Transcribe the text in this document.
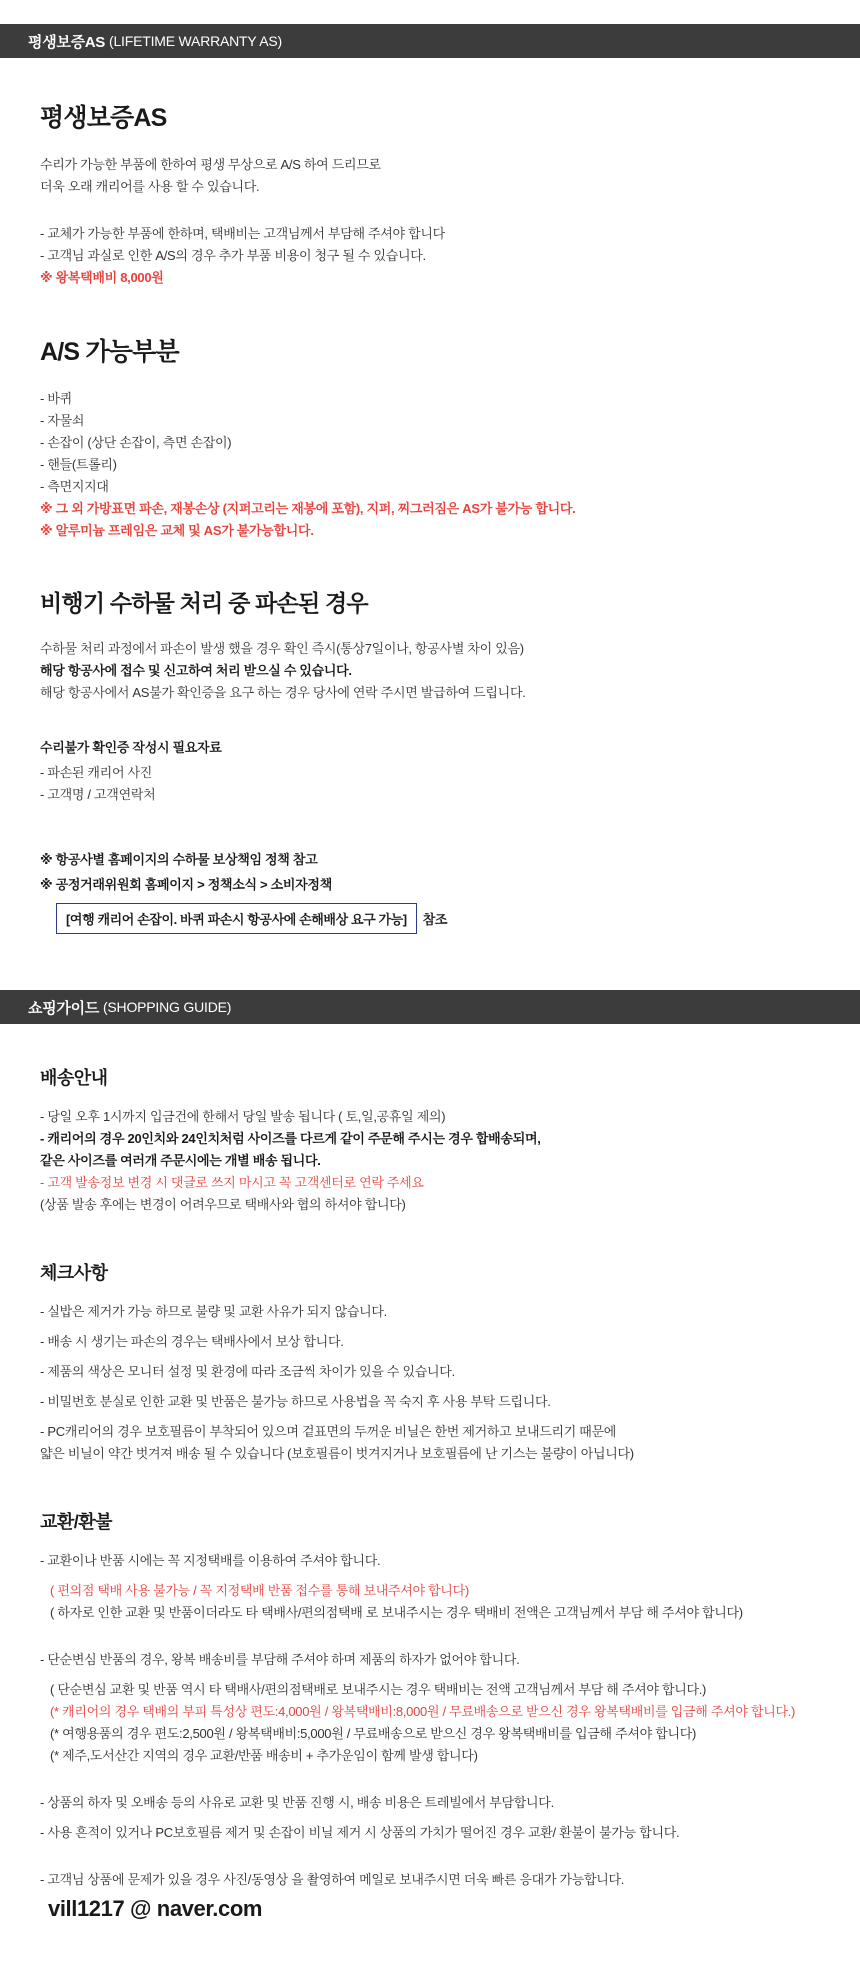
평생보증AS (LIFETIME WARRANTY AS)
평생보증AS

수리가 가능한 부품에 한하여 평생 무상으로 A/S 하여 드리므로

더욱 오래 캐리어를 사용 할 수 있습니다.

- 교체가 가능한 부품에 한하며, 택배비는 고객님께서 부담해 주셔야 합니다

- 고객님 과실로 인한 A/S의 경우 추가 부품 비용이 청구 될 수 있습니다.

※ 왕복택배비 8,000원

A/S 가능부분

- 바퀴

- 자물쇠

- 손잡이 (상단 손잡이, 측면 손잡이)

- 핸들(트롤리)

- 측면지지대

※ 그 외 가방표면 파손, 재봉손상 (지퍼고리는 재봉에 포함), 지퍼, 찌그러짐은 AS가 불가능 합니다.

※ 알루미늄 프레임은 교체 및 AS가 불가능합니다.

비행기 수하물 처리 중 파손된 경우

수하물 처리 과정에서 파손이 발생 했을 경우 확인 즉시(통상7일이나, 항공사별 차이 있음)

해당 항공사에 접수 및 신고하여 처리 받으실 수 있습니다.

해당 항공사에서 AS불가 확인증을 요구 하는 경우 당사에 연락 주시면 발급하여 드립니다.

수리불가 확인증 작성시 필요자료

- 파손된 캐리어 사진

- 고객명 / 고객연락처

※ 항공사별 홈페이지의 수하물 보상책임 정책 참고

※ 공정거래위원회 홈페이지 > 정책소식 > 소비자정책

[여행 캐리어 손잡이. 바퀴 파손시 항공사에 손해배상 요구 가능] 참조
쇼핑가이드 (SHOPPING GUIDE)
배송안내

- 당일 오후 1시까지 입금건에 한해서 당일 발송 됩니다 ( 토,일,공휴일 제의)

- 캐리어의 경우 20인치와 24인치처럼 사이즈를 다르게 같이 주문해 주시는 경우 합배송되며,

같은 사이즈를 여러개 주문시에는 개별 배송 됩니다.

- 고객 발송정보 변경 시 댓글로 쓰지 마시고 꼭 고객센터로 연락 주세요

(상품 발송 후에는 변경이 어려우므로 택배사와 협의 하셔야 합니다)

체크사항

- 실밥은 제거가 가능 하므로 불량 및 교환 사유가 되지 않습니다.

- 배송 시 생기는 파손의 경우는 택배사에서 보상 합니다.

- 제품의 색상은 모니터 설정 및 환경에 따라 조금씩 차이가 있을 수 있습니다.

- 비밀번호 분실로 인한 교환 및 반품은 불가능 하므로 사용법을 꼭 숙지 후 사용 부탁 드립니다.

- PC캐리어의 경우 보호필름이 부착되어 있으며 겉표면의 두꺼운 비닐은 한번 제거하고 보내드리기 때문에

얇은 비닐이 약간 벗겨져 배송 될 수 있습니다 (보호필름이 벗겨지거나 보호필름에 난 기스는 불량이 아닙니다)

교환/환불

- 교환이나 반품 시에는 꼭 지정택배를 이용하여 주셔야 합니다.

( 편의점 택배 사용 불가능 / 꼭 지정택배 반품 접수를 통해 보내주셔야 합니다)

( 하자로 인한 교환 및 반품이더라도 타 택배사/편의점택배 로 보내주시는 경우 택배비 전액은 고객님께서 부담 해 주셔야 합니다)

- 단순변심 반품의 경우, 왕복 배송비를 부담해 주셔야 하며 제품의 하자가 없어야 합니다.

( 단순변심 교환 및 반품 역시 타 택배사/편의점택배로 보내주시는 경우 택배비는 전액 고객님께서 부담 해 주셔야 합니다.)

(* 캐리어의 경우 택배의 부피 특성상 편도:4,000원 / 왕복택배비:8,000원 / 무료배송으로 받으신 경우 왕복택배비를 입금해 주셔야 합니다.)

(* 여행용품의 경우 편도:2,500원 / 왕복택배비:5,000원 / 무료배송으로 받으신 경우 왕복택배비를 입금해 주셔야 합니다)

(* 제주,도서산간 지역의 경우 교환/반품 배송비 + 추가운임이 함께 발생 합니다)

- 상품의 하자 및 오배송 등의 사유로 교환 및 반품 진행 시, 배송 비용은 트레빌에서 부담합니다.

- 사용 흔적이 있거나 PC보호필름 제거 및 손잡이 비닐 제거 시 상품의 가치가 떨어진 경우 교환/ 환불이 불가능 합니다.

- 고객님 상품에 문제가 있을 경우 사진/동영상 을 촬영하여 메일로 보내주시면 더욱 빠른 응대가 가능합니다.

vill1217 @ naver.com
